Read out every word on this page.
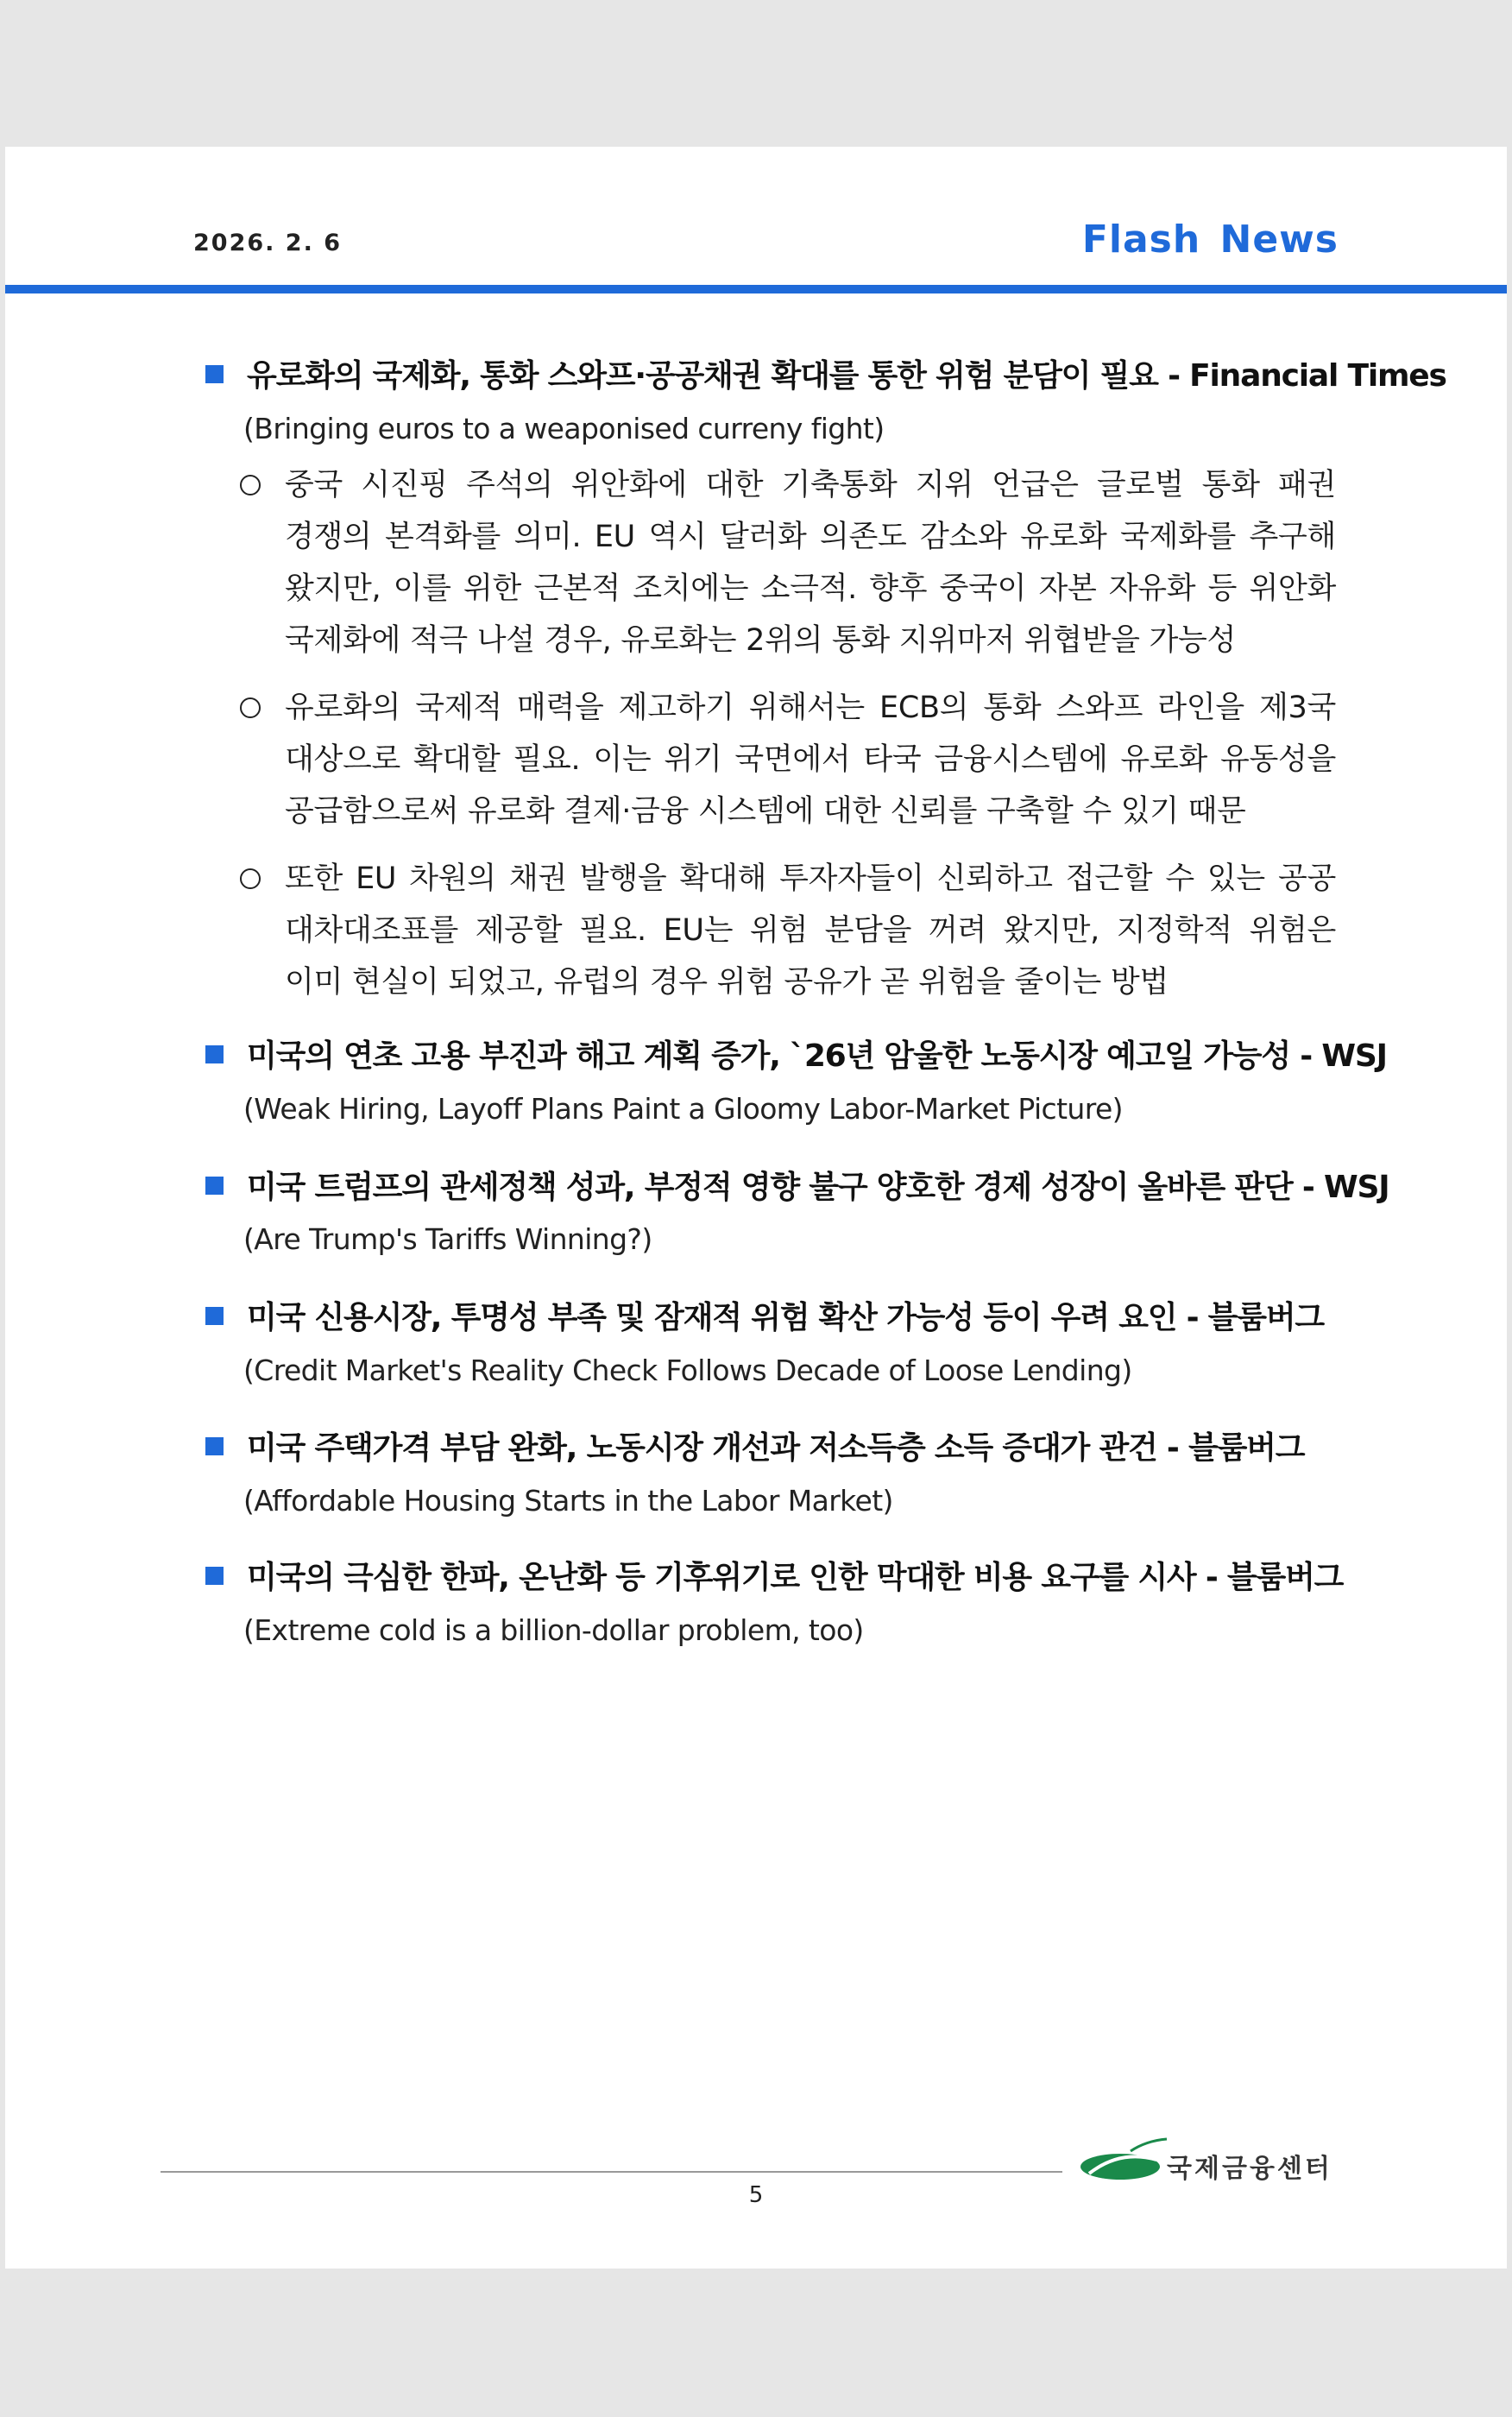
2026. 2. 6	Flash News
유로화의 국제화, 통화 스와프·공공채권 확대를 통한 위험 분담이 필요 - Financial Times
(Bringing euros to a weaponised curreny fight)
중국 시진핑 주석의 위안화에 대한 기축통화 지위 언급은 글로벌 통화 패권
경쟁의 본격화를 의미. EU 역시 달러화 의존도 감소와 유로화 국제화를 추구해
왔지만, 이를 위한 근본적 조치에는 소극적. 향후 중국이 자본 자유화 등 위안화
국제화에 적극 나설 경우, 유로화는 2위의 통화 지위마저 위협받을 가능성
유로화의 국제적 매력을 제고하기 위해서는 ECB의 통화 스와프 라인을 제3국
대상으로 확대할 필요. 이는 위기 국면에서 타국 금융시스템에 유로화 유동성을
공급함으로써 유로화 결제·금융 시스템에 대한 신뢰를 구축할 수 있기 때문
또한 EU 차원의 채권 발행을 확대해 투자자들이 신뢰하고 접근할 수 있는 공공
대차대조표를 제공할 필요. EU는 위험 분담을 꺼려 왔지만, 지정학적 위험은
이미 현실이 되었고, 유럽의 경우 위험 공유가 곧 위험을 줄이는 방법
미국의 연초 고용 부진과 해고 계획 증가, `26년 암울한 노동시장 예고일 가능성 - WSJ
(Weak Hiring, Layoff Plans Paint a Gloomy Labor-Market Picture)
미국 트럼프의 관세정책 성과, 부정적 영향 불구 양호한 경제 성장이 올바른 판단 - WSJ
(Are Trump's Tariffs Winning?)
미국 신용시장, 투명성 부족 및 잠재적 위험 확산 가능성 등이 우려 요인 - 블룸버그
(Credit Market's Reality Check Follows Decade of Loose Lending)
미국 주택가격 부담 완화, 노동시장 개선과 저소득층 소득 증대가 관건 - 블룸버그
(Affordable Housing Starts in the Labor Market)
미국의 극심한 한파, 온난화 등 기후위기로 인한 막대한 비용 요구를 시사 - 블룸버그
(Extreme cold is a billion-dollar problem, too)
5
국제금융센터
